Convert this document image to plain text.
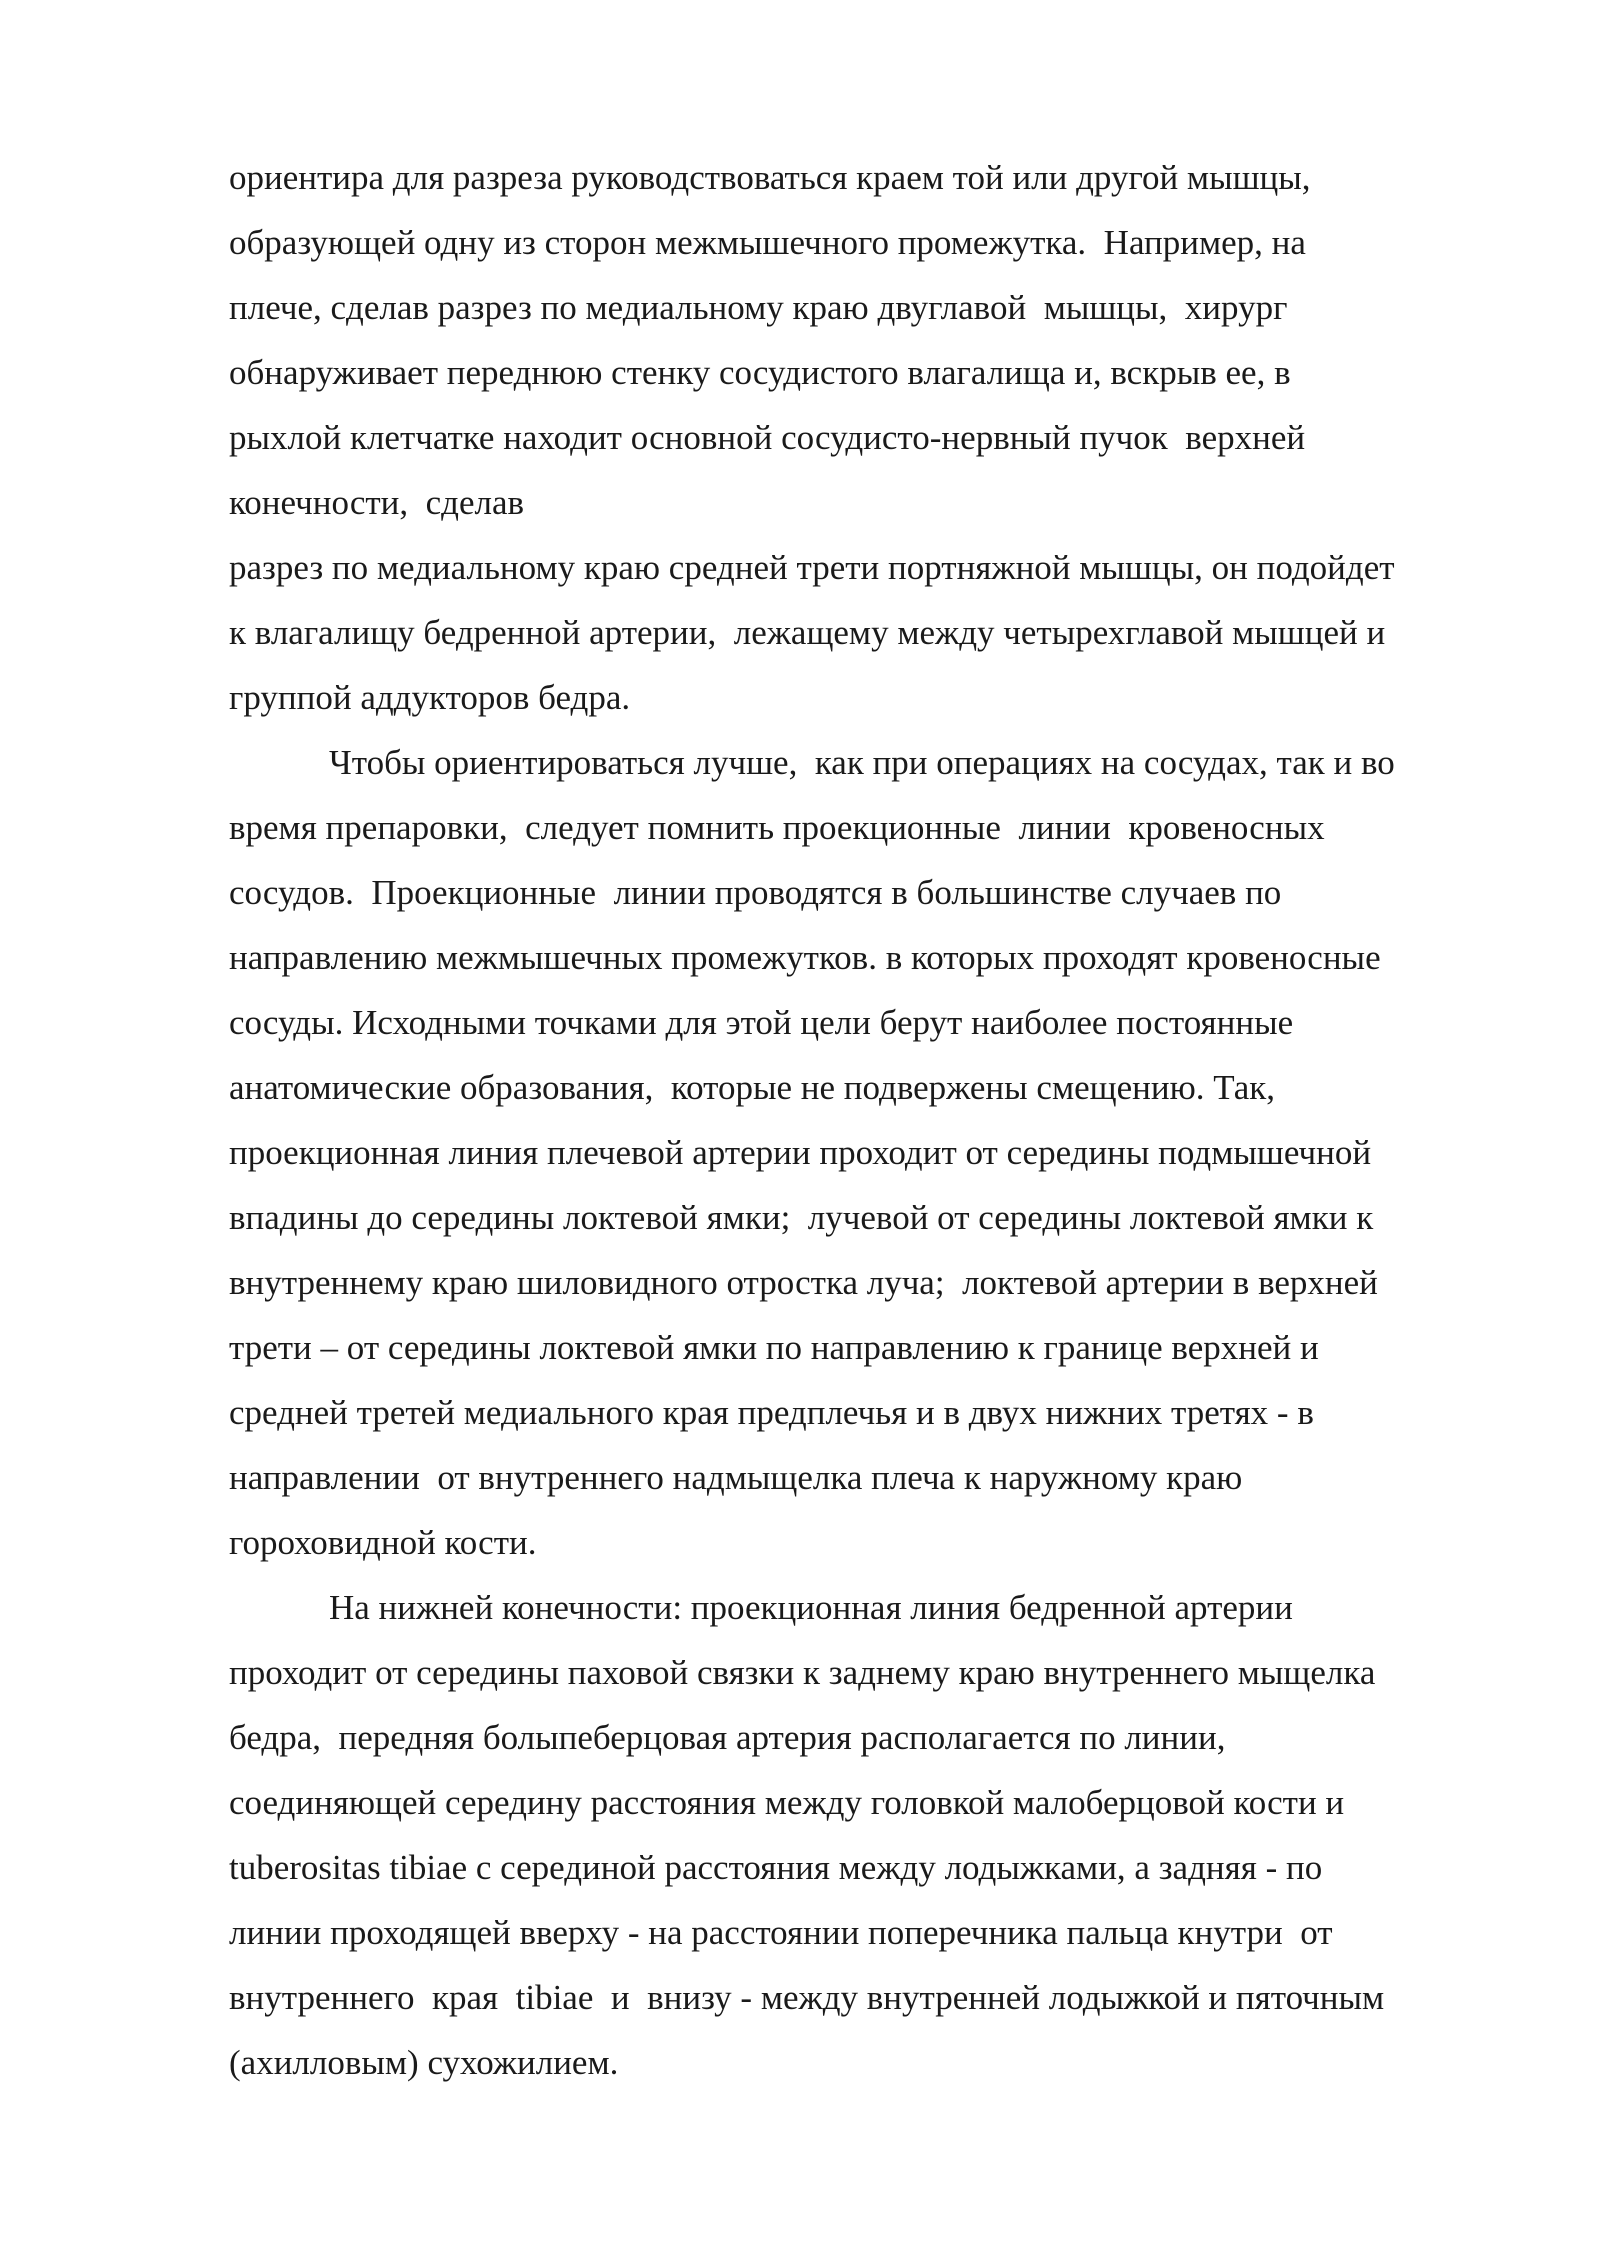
ориентира для разреза руководствоваться краем той или другой мышцы,
образующей одну из сторон межмышечного промежутка.  Например, на
плече, сделав разрез по медиальному краю двуглавой  мышцы,  хирург
обнаруживает переднюю стенку сосудистого влагалища и, вскрыв ее, в
рыхлой клетчатке находит основной сосудисто-нервный пучок  верхней
конечности,  сделав
разрез по медиальному краю средней трети портняжной мышцы, он подойдет
к влагалищу бедренной артерии,  лежащему между четырехглавой мышцей и
группой аддукторов бедра.
Чтобы ориентироваться лучше,  как при операциях на сосудах, так и во
время препаровки,  следует помнить проекционные  линии  кровеносных
сосудов.  Проекционные  линии проводятся в большинстве случаев по
направлению межмышечных промежутков. в которых проходят кровеносные
сосуды. Исходными точками для этой цели берут наиболее постоянные
анатомические образования,  которые не подвержены смещению. Так,
проекционная линия плечевой артерии проходит от середины подмышечной
впадины до середины локтевой ямки;  лучевой от середины локтевой ямки к
внутреннему краю шиловидного отростка луча;  локтевой артерии в верхней
трети – от середины локтевой ямки по направлению к границе верхней и
средней третей медиального края предплечья и в двух нижних третях - в
направлении  от внутреннего надмыщелка плеча к наружному краю
гороховидной кости.
На нижней конечности: проекционная линия бедренной артерии
проходит от середины паховой связки к заднему краю внутреннего мыщелка
бедра,  передняя болыпеберцовая артерия располагается по линии,
соединяющей середину расстояния между головкой малоберцовой кости и
tuberositas tibiae с серединой расстояния между лодыжками, а задняя - по
линии проходящей вверху - на расстоянии поперечника пальца кнутри  от
внутреннего  края  tibiae  и  внизу - между внутренней лодыжкой и пяточным
(ахилловым) сухожилием.
